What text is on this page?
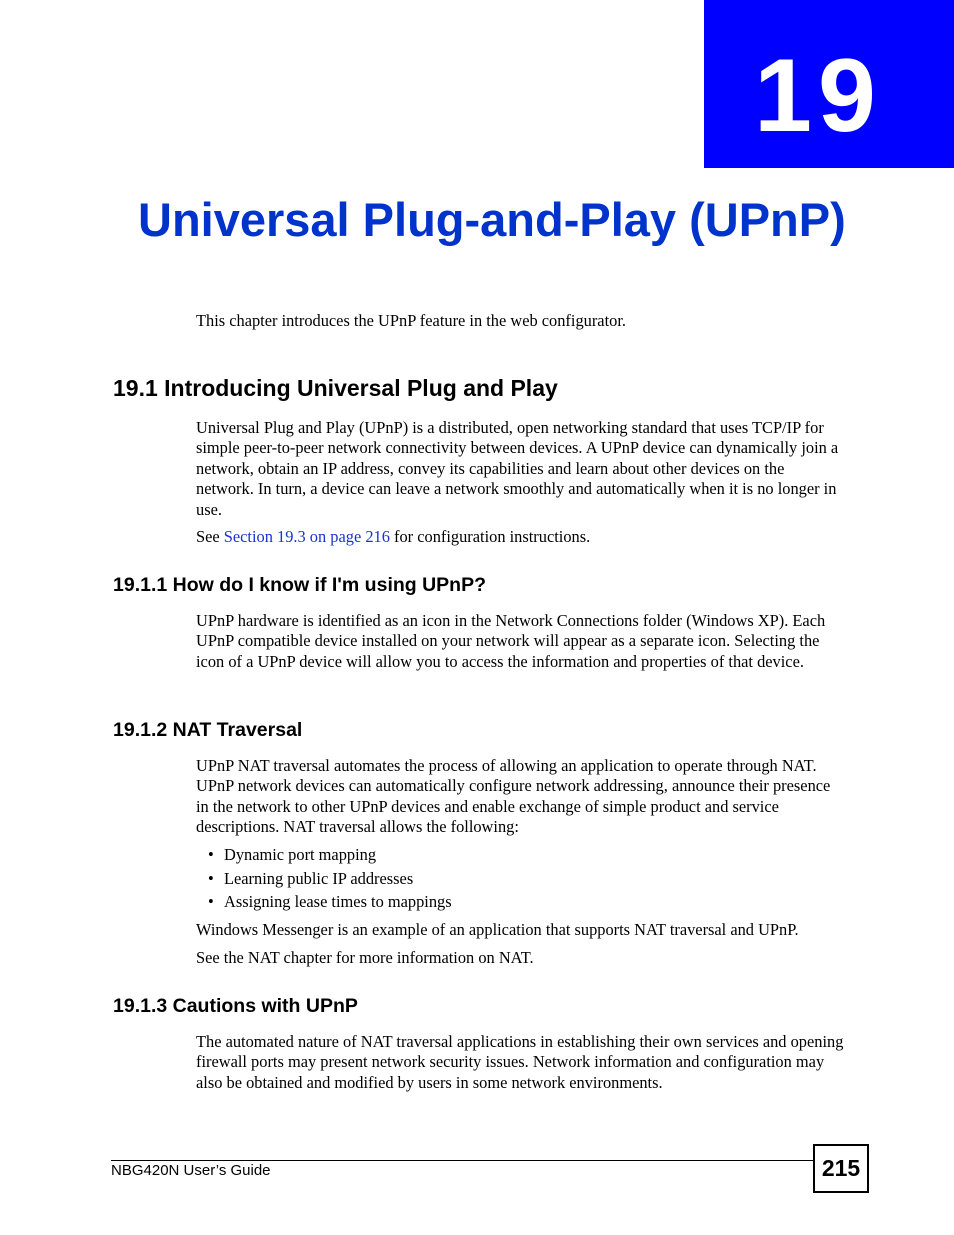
19
Universal Plug-and-Play (UPnP)

This chapter introduces the UPnP feature in the web configurator.

19.1 Introducing Universal Plug and Play

Universal Plug and Play (UPnP) is a distributed, open networking standard that uses TCP/IP for simple peer-to-peer network connectivity between devices. A UPnP device can dynamically join a network, obtain an IP address, convey its capabilities and learn about other devices on the network. In turn, a device can leave a network smoothly and automatically when it is no longer in use.

See Section 19.3 on page 216 for configuration instructions.

19.1.1 How do I know if I'm using UPnP?

UPnP hardware is identified as an icon in the Network Connections folder (Windows XP). Each UPnP compatible device installed on your network will appear as a separate icon. Selecting the icon of a UPnP device will allow you to access the information and properties of that device.

19.1.2 NAT Traversal

UPnP NAT traversal automates the process of allowing an application to operate through NAT. UPnP network devices can automatically configure network addressing, announce their presence in the network to other UPnP devices and enable exchange of simple product and service descriptions. NAT traversal allows the following:

• Dynamic port mapping
• Learning public IP addresses
• Assigning lease times to mappings

Windows Messenger is an example of an application that supports NAT traversal and UPnP.

See the NAT chapter for more information on NAT.

19.1.3 Cautions with UPnP

The automated nature of NAT traversal applications in establishing their own services and opening firewall ports may present network security issues. Network information and configuration may also be obtained and modified by users in some network environments.

NBG420N User’s Guide	215
